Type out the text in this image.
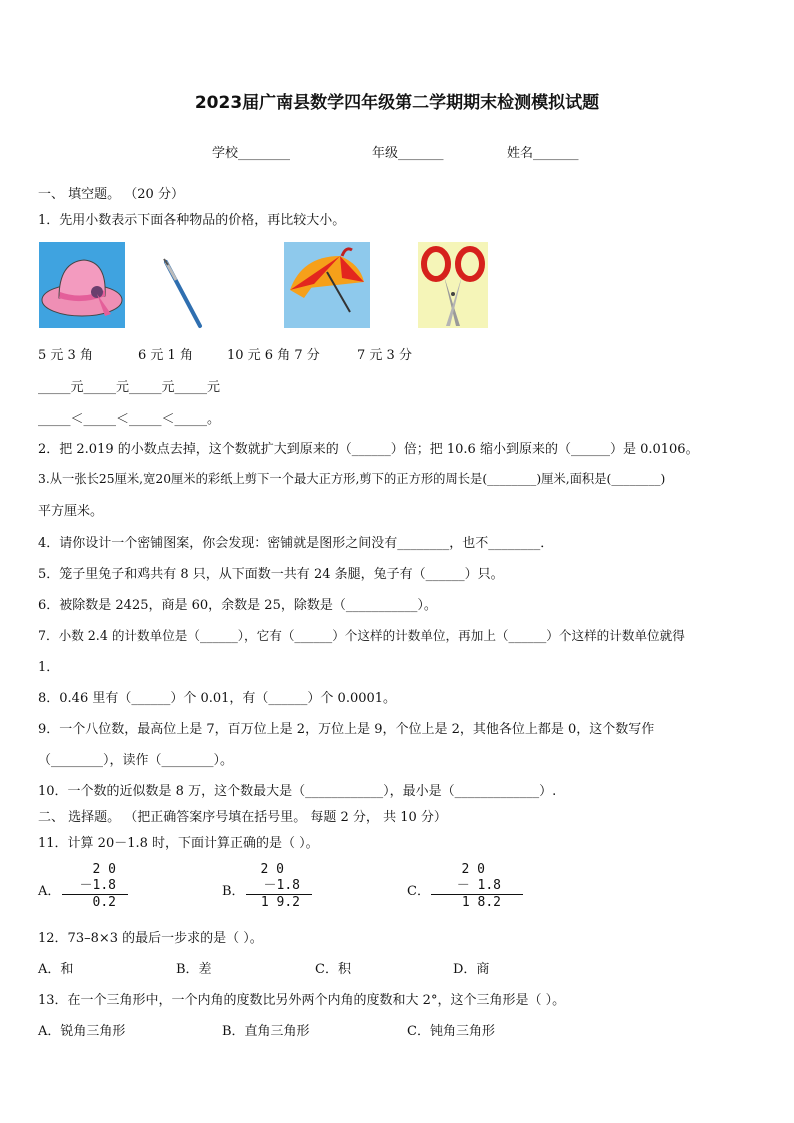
2023届广南县数学四年级第二学期期末检测模拟试题
学校________	年级_______	姓名_______
一、 填空题。 （20 分）
1．先用小数表示下面各种物品的价格，再比较大小。
5 元 3 角	6 元 1 角	10 元 6 角 7 分	7 元 3 分
_____元_____元_____元_____元
_____＜_____＜_____＜_____。
2．把 2.019 的小数点去掉，这个数就扩大到原来的（______）倍；把 10.6 缩小到原来的（______）是 0.0106。
3.从一张长25厘米,宽20厘米的彩纸上剪下一个最大正方形,剪下的正方形的周长是(________)厘米,面积是(________)
平方厘米。
4．请你设计一个密铺图案，你会发现：密铺就是图形之间没有________，也不________．
5．笼子里兔子和鸡共有 8 只，从下面数一共有 24 条腿，兔子有（______）只。
6．被除数是 2425，商是 60，余数是 25，除数是（___________）。
7．小数 2.4 的计数单位是（______），它有（______）个这样的计数单位，再加上（______）个这样的计数单位就得
1．
8．0.46 里有（______）个 0.01，有（______）个 0.0001。
9．一个八位数，最高位上是 7，百万位上是 2，万位上是 9，个位上是 2，其他各位上都是 0，这个数写作
（________），读作（________）。
10．一个数的近似数是 8 万，这个数最大是（____________），最小是（_____________）.
二、 选择题。 （把正确答案序号填在括号里。 每题 2 分， 共 10 分）
11．计算 20－1.8 时，下面计算正确的是（ ）。
A．
2 0
－1.8
0.2
B．
2 0
－1.8
1 9.2
C．
2 0
－ 1.8
1 8.2
12．73–8×3 的最后一步求的是（ ）。
A．和	B．差	C．积	D．商
13．在一个三角形中，一个内角的度数比另外两个内角的度数和大 2°，这个三角形是（ ）。
A．锐角三角形	B．直角三角形	C．钝角三角形
